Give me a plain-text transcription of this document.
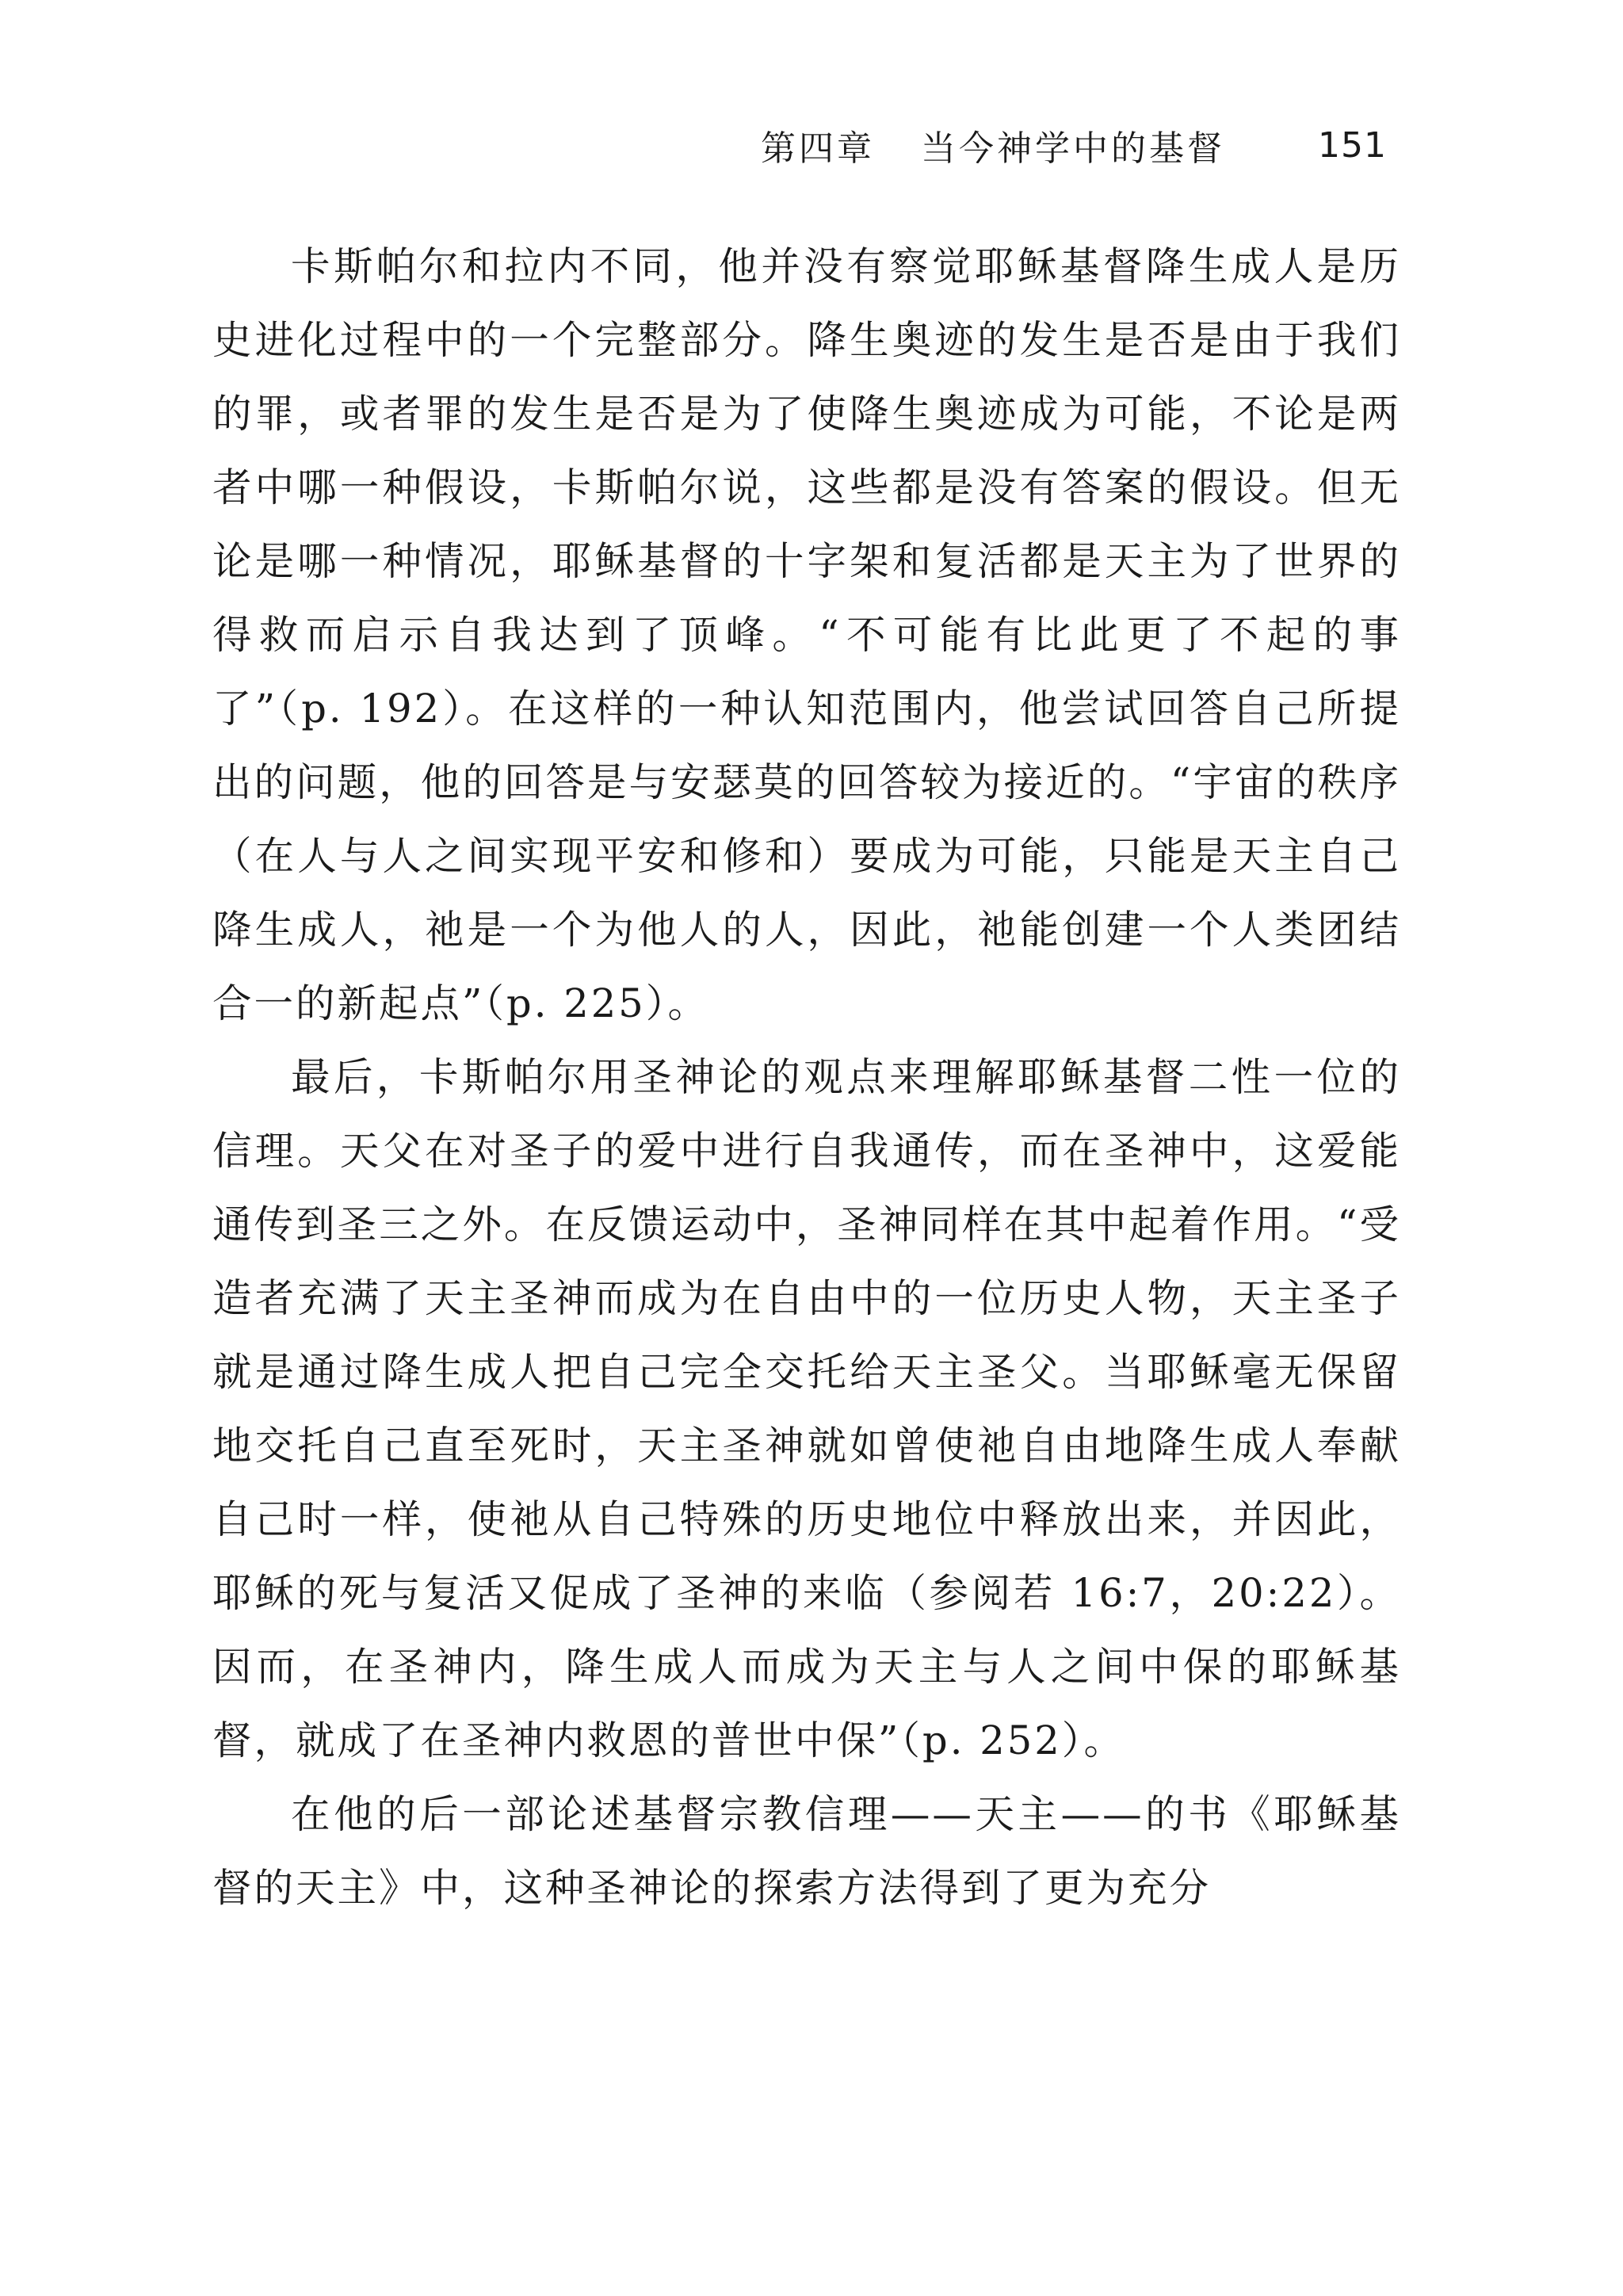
第四章 当今神学中的基督	151

卡斯帕尔和拉内不同，他并没有察觉耶稣基督降生成人是历史进化过程中的一个完整部分。降生奥迹的发生是否是由于我们的罪，或者罪的发生是否是为了使降生奥迹成为可能，不论是两者中哪一种假设，卡斯帕尔说，这些都是没有答案的假设。但无论是哪一种情况，耶稣基督的十字架和复活都是天主为了世界的得救而启示自我达到了顶峰。“不可能有比此更了不起的事了”（p. 192）。在这样的一种认知范围内，他尝试回答自己所提出的问题，他的回答是与安瑟莫的回答较为接近的。“宇宙的秩序（在人与人之间实现平安和修和）要成为可能，只能是天主自己降生成人，祂是一个为他人的人，因此，祂能创建一个人类团结合一的新起点”（p. 225）。

最后，卡斯帕尔用圣神论的观点来理解耶稣基督二性一位的信理。天父在对圣子的爱中进行自我通传，而在圣神中，这爱能通传到圣三之外。在反馈运动中，圣神同样在其中起着作用。“受造者充满了天主圣神而成为在自由中的一位历史人物，天主圣子就是通过降生成人把自己完全交托给天主圣父。当耶稣毫无保留地交托自己直至死时，天主圣神就如曾使祂自由地降生成人奉献自己时一样，使祂从自己特殊的历史地位中释放出来，并因此，耶稣的死与复活又促成了圣神的来临（参阅若 16:7，20:22）。因而，在圣神内，降生成人而成为天主与人之间中保的耶稣基督，就成了在圣神内救恩的普世中保”（p. 252）。

在他的后一部论述基督宗教信理——天主——的书《耶稣基督的天主》中，这种圣神论的探索方法得到了更为充分
